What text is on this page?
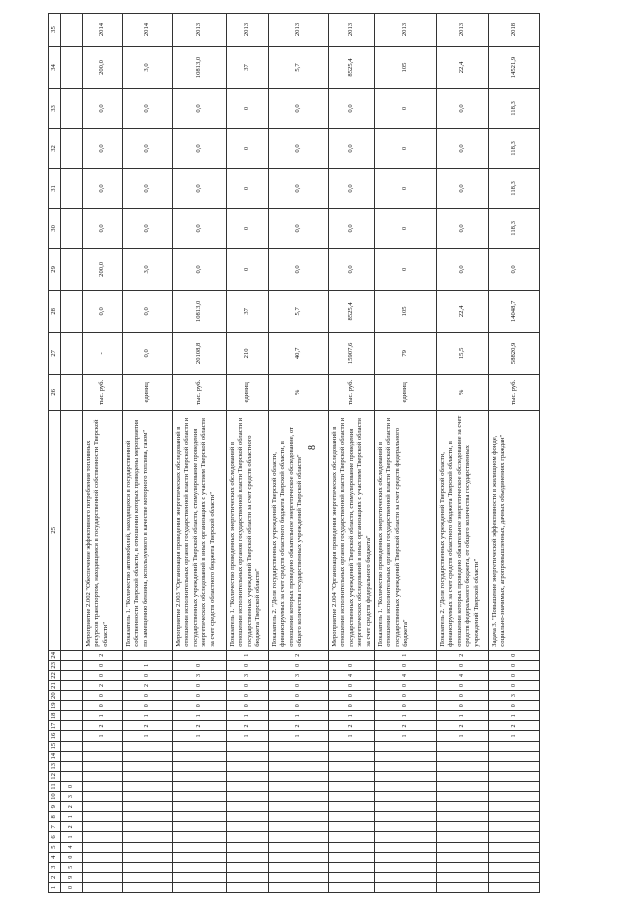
8
1
2
3
4
5
6
7
8
9
10
11
12
13
14
15
16
17
18
19
20
21
22
23
24
25
26
27
28
29
30
31
32
33
34
35
0
9
5
0
4
1
2
1
2
3
0
1
2
1
0
0
2
0
0
2
Мероприятие 2.002 "Обеспечение эффективного потребления топливных ресурсов транспортом, находящимся в государственной собственности Тверской области"
тыс. руб.
-
0,0
200,0
0,0
0,0
0,0
0,0
200,0
2014
1
2
1
0
0
2
0
1
Показатель 1. "Количество автомобилей, находящихся в государственной собственности Тверской области, в отношении которых приведены мероприятия по замещению бензина, используемого в качестве моторного топлива, газом"
единиц
0,0
0,0
3,0
0,0
0,0
0,0
0,0
3,0
2014
1
2
1
0
0
0
3
0
Мероприятие 2.003 "Организация проведения энергетических обследований в отношении исполнительных органов государственной власти Тверской области и государственных учреждений Тверской области, стимулирование проведения энергетических обследований в иных организациях с участием Тверской области за счет средств областного бюджета Тверской области"
тыс. руб.
20108,8
10813,0
0,0
0,0
0,0
0,0
0,0
10813,0
2013
1
2
1
0
0
0
3
0
1
Показатель 1. "Количество проведенных энергетических обследований в отношении исполнительных органов государственной власти Тверской области и государственных учреждений Тверской области за счет средств областного бюджета Тверской области"
единиц
210
37
0
0
0
0
0
37
2013
1
2
1
0
0
0
3
0
2
Показатель 2. "Доля государственных учреждений Тверской области, финансируемых за счет средств областного бюджета Тверской области, в отношении которых проведено обязательное энергетическое обследование, от общего количества государственных учреждений Тверской области"
%
40,7
5,7
0,0
0,0
0,0
0,0
0,0
5,7
2013
1
2
1
0
0
0
4
0
Мероприятие 2.004 "Организация проведения энергетических обследований в отношении исполнительных органов государственной власти Тверской области и государственных учреждений Тверской области, стимулирование проведения энергетических обследований в иных организациях с участием Тверской области за счет средств федерального бюджета"
тыс. руб.
15907,6
8525,4
0,0
0,0
0,0
0,0
0,0
8525,4
2013
1
2
1
0
0
0
4
0
1
Показатель 1. "Количество проведенных энергетических обследований в отношении исполнительных органов государственной власти Тверской области и государственных учреждений Тверской области за счет средств федерального бюджета"
единиц
79
105
0
0
0
0
0
105
2013
1
2
1
0
0
0
4
0
2
Показатель 2. "Доля государственных учреждений Тверской области, финансируемых за счет средств областного бюджета Тверской области, в отношении которых проведено обязательное энергетическое обследование за счет средств федерального бюджета, от общего количества государственных учреждений Тверской области"
%
15,5
22,4
0,0
0,0
0,0
0,0
0,0
22,4
2013
1
2
1
0
3
0
0
0
0
Задача 3. "Повышение энергетической эффективности в жилищном фонде, социально-значимых, агропромышленных, дачных объединениях граждан"
тыс. руб.
58820,9
14048,7
0,0
118,3
118,3
118,3
118,3
14521,9
2018
